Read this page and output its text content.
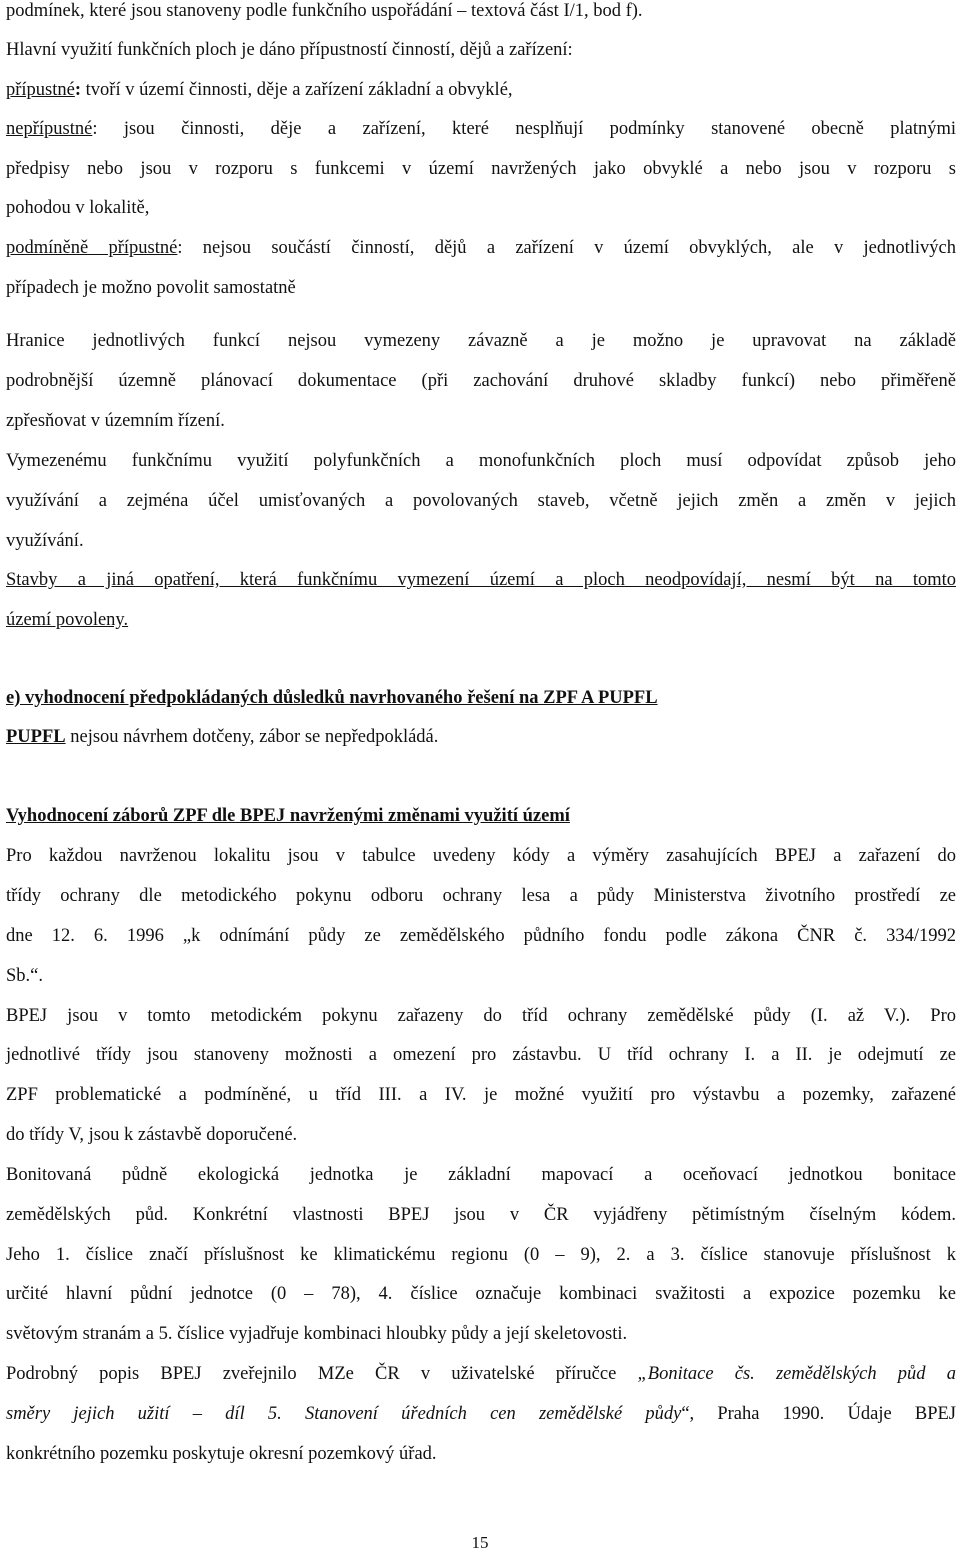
podmínek, které jsou stanoveny podle funkčního uspořádání – textová část I/1, bod f).
Hlavní využití funkčních ploch je dáno přípustností činností, dějů a zařízení:
přípustné: tvoří v území činnosti, děje a zařízení základní a obvyklé,
nepřípustné: jsou činnosti, děje a zařízení, které nesplňují podmínky stanovené obecně platnými
předpisy nebo jsou v rozporu s funkcemi v území navržených jako obvyklé a nebo jsou v rozporu s
pohodou v lokalitě,
podmíněně přípustné: nejsou součástí činností, dějů a zařízení v území obvyklých, ale v jednotlivých
případech je možno povolit samostatně
Hranice jednotlivých funkcí nejsou vymezeny závazně a je možno je upravovat na základě
podrobnější územně plánovací dokumentace (při zachování druhové skladby funkcí) nebo přiměřeně
zpřesňovat v územním řízení.
Vymezenému funkčnímu využití polyfunkčních a monofunkčních ploch musí odpovídat způsob jeho
využívání a zejména účel umisťovaných a povolovaných staveb, včetně jejich změn a změn v jejich
využívání.
Stavby a jiná opatření, která funkčnímu vymezení území a ploch neodpovídají, nesmí být na tomto
území povoleny.
e) vyhodnocení předpokládaných důsledků navrhovaného řešení na ZPF A PUPFL
PUPFL nejsou návrhem dotčeny, zábor se nepředpokládá.
Vyhodnocení záborů ZPF dle BPEJ navrženými změnami využití území
Pro každou navrženou lokalitu jsou v tabulce uvedeny kódy a výměry zasahujících BPEJ a zařazení do
třídy ochrany dle metodického pokynu odboru ochrany lesa a půdy Ministerstva životního prostředí ze
dne 12. 6. 1996 „k odnímání půdy ze zemědělského půdního fondu podle zákona ČNR č. 334/1992
Sb.“.
BPEJ jsou v tomto metodickém pokynu zařazeny do tříd ochrany zemědělské půdy (I. až V.). Pro
jednotlivé třídy jsou stanoveny možnosti a omezení pro zástavbu. U tříd ochrany I. a II. je odejmutí ze
ZPF problematické a podmíněné, u tříd III. a IV. je možné využití pro výstavbu a pozemky, zařazené
do třídy V, jsou k zástavbě doporučené.
Bonitovaná půdně ekologická jednotka je základní mapovací a oceňovací jednotkou bonitace
zemědělských půd. Konkrétní vlastnosti BPEJ jsou v ČR vyjádřeny pětimístným číselným kódem.
Jeho 1. číslice značí příslušnost ke klimatickému regionu (0 – 9), 2. a 3. číslice stanovuje příslušnost k
určité hlavní půdní jednotce (0 – 78), 4. číslice označuje kombinaci svažitosti a expozice pozemku ke
světovým stranám a 5. číslice vyjadřuje kombinaci hloubky půdy a její skeletovosti.
Podrobný popis BPEJ zveřejnilo MZe ČR v uživatelské příručce „Bonitace čs. zemědělských půd a
směry jejich užití – díl 5. Stanovení úředních cen zemědělské půdy“, Praha 1990. Údaje BPEJ
konkrétního pozemku poskytuje okresní pozemkový úřad.
15
